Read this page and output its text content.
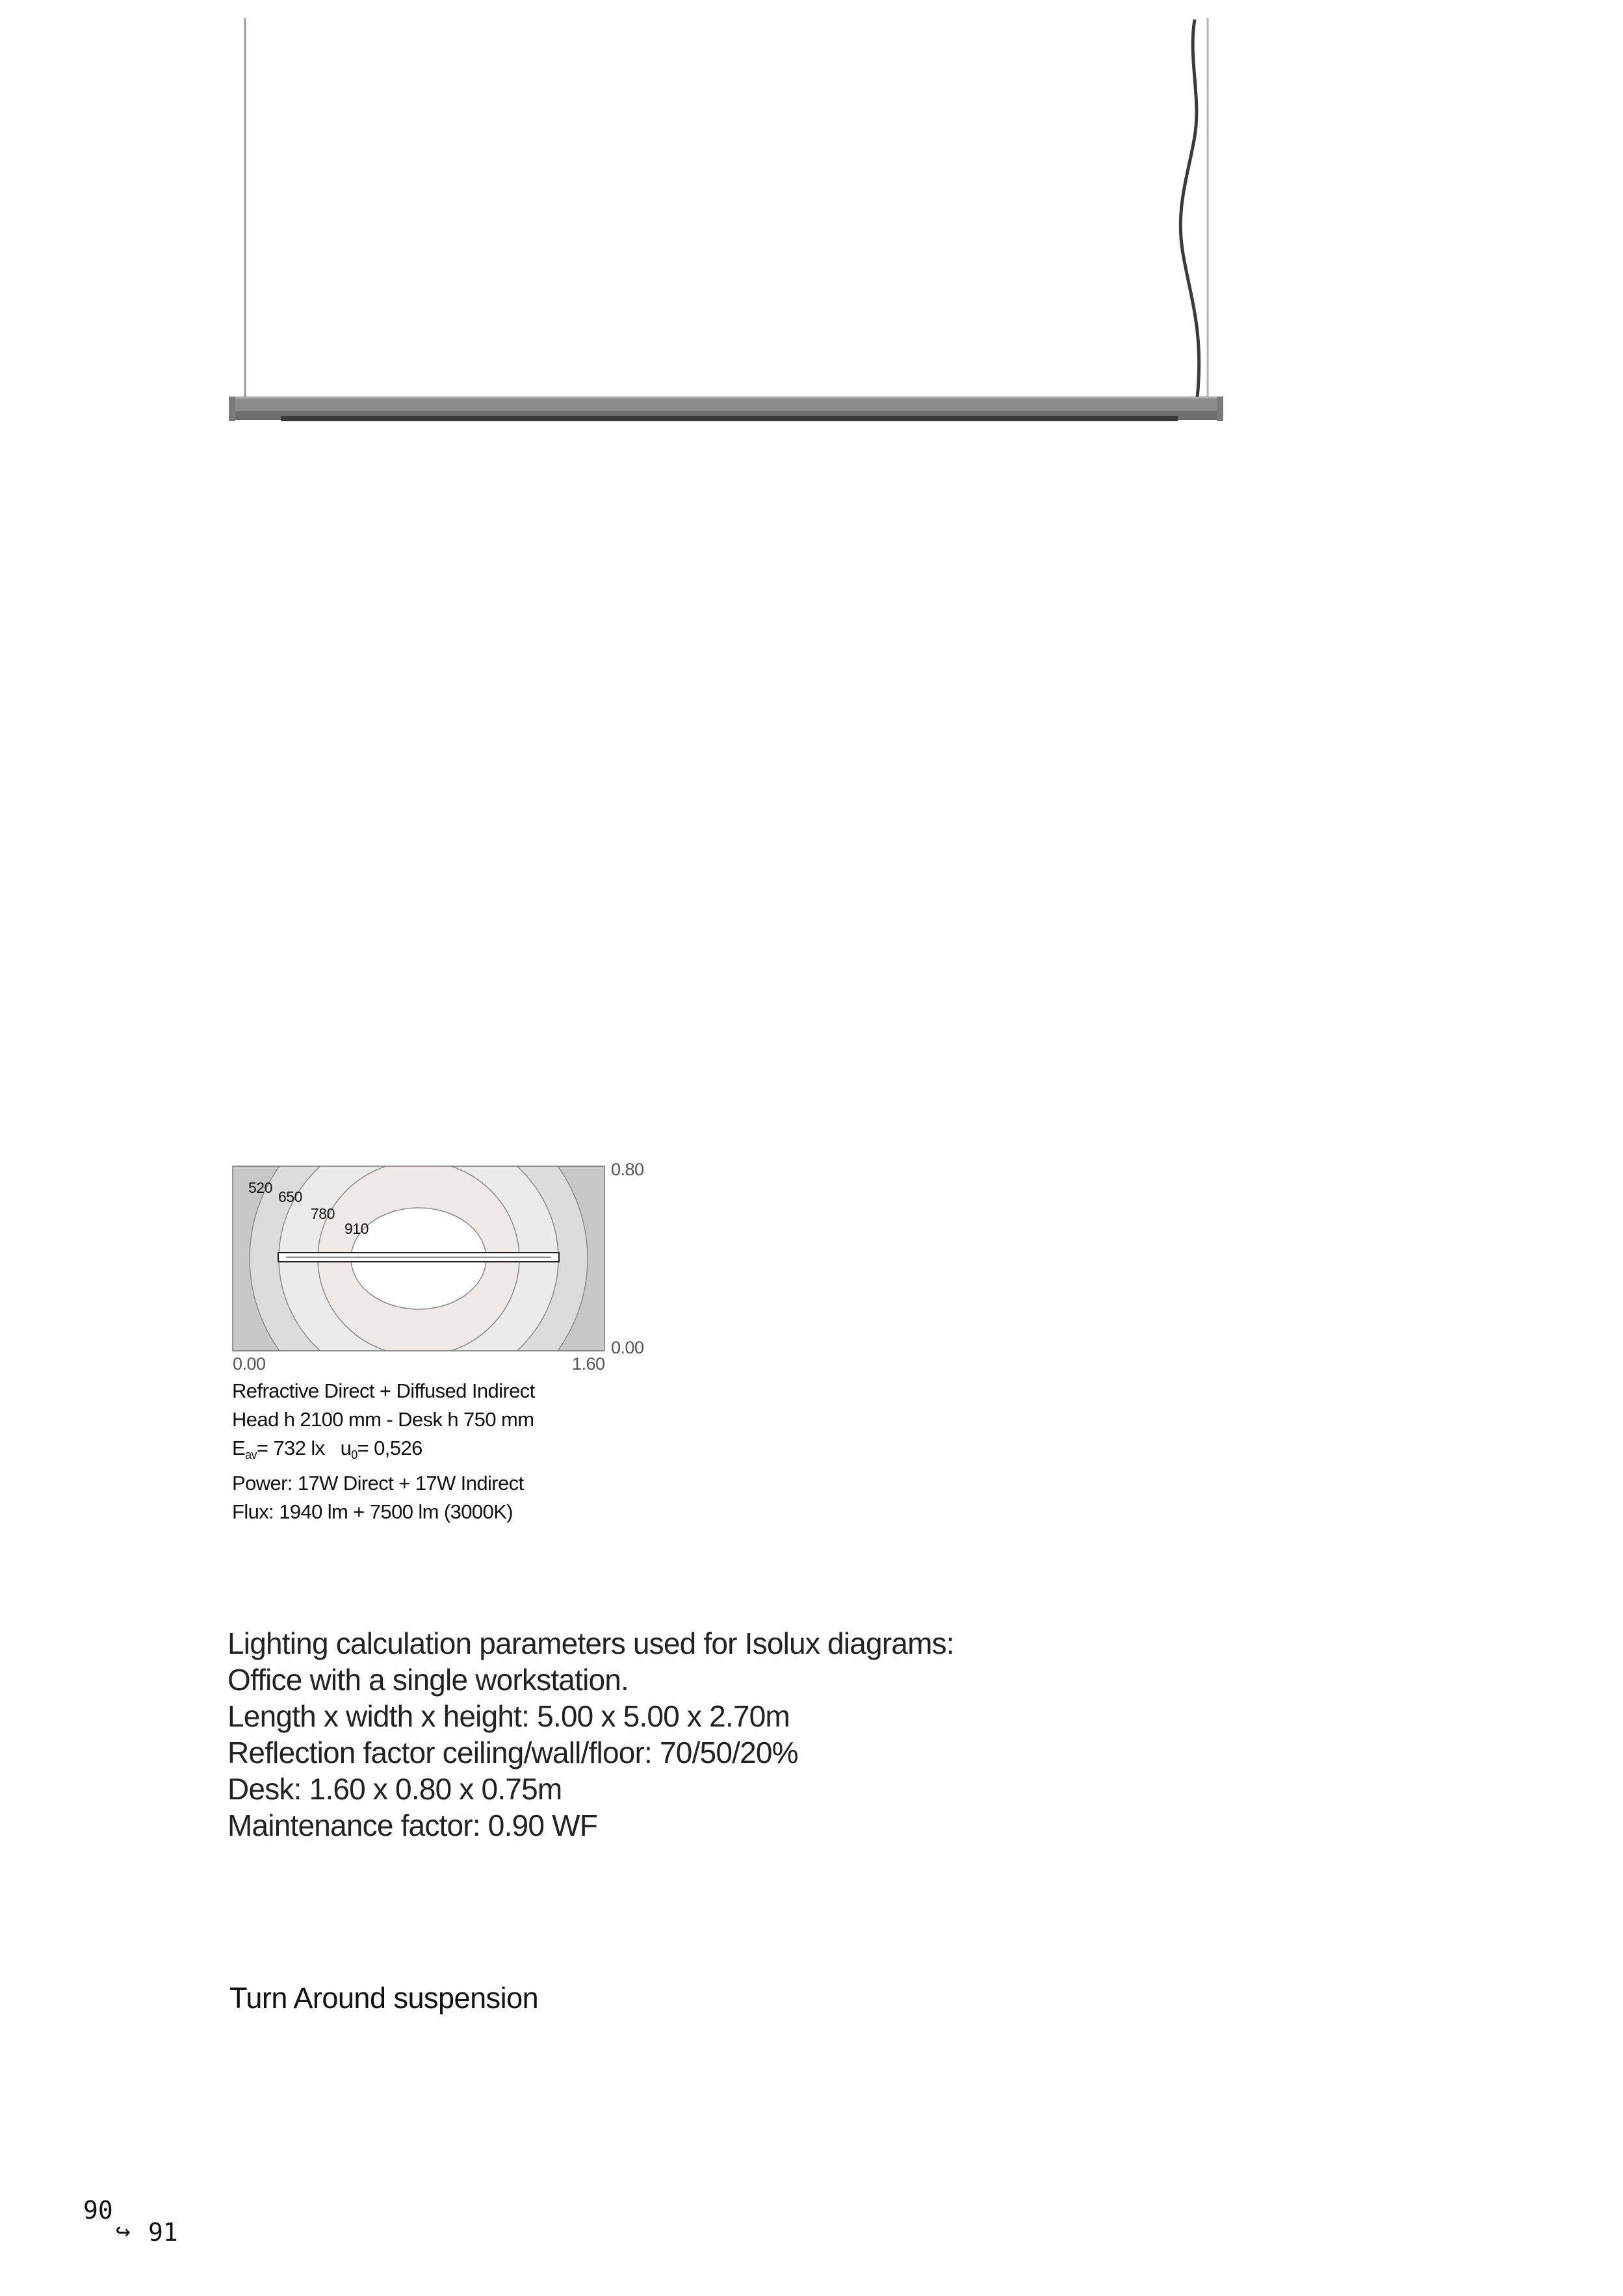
520
650
780
910
0.80
0.00
0.00	1.60
Refractive Direct + Diffused Indirect
Head h 2100 mm - Desk h 750 mm
$E_{av}= 732$ lx   $u_0= 0,526$
Power: 17W Direct + 17W Indirect
Flux: 1940 lm + 7500 lm (3000K)
Lighting calculation parameters used for Isolux diagrams:
Office with a single workstation.
Length x width x height: 5.00 x 5.00 x 2.70m
Reflection factor ceiling/wall/floor: 70/50/20%
Desk: 1.60 x 0.80 x 0.75m
Maintenance factor: 0.90 WF
Turn Around suspension
90
↪ 91
